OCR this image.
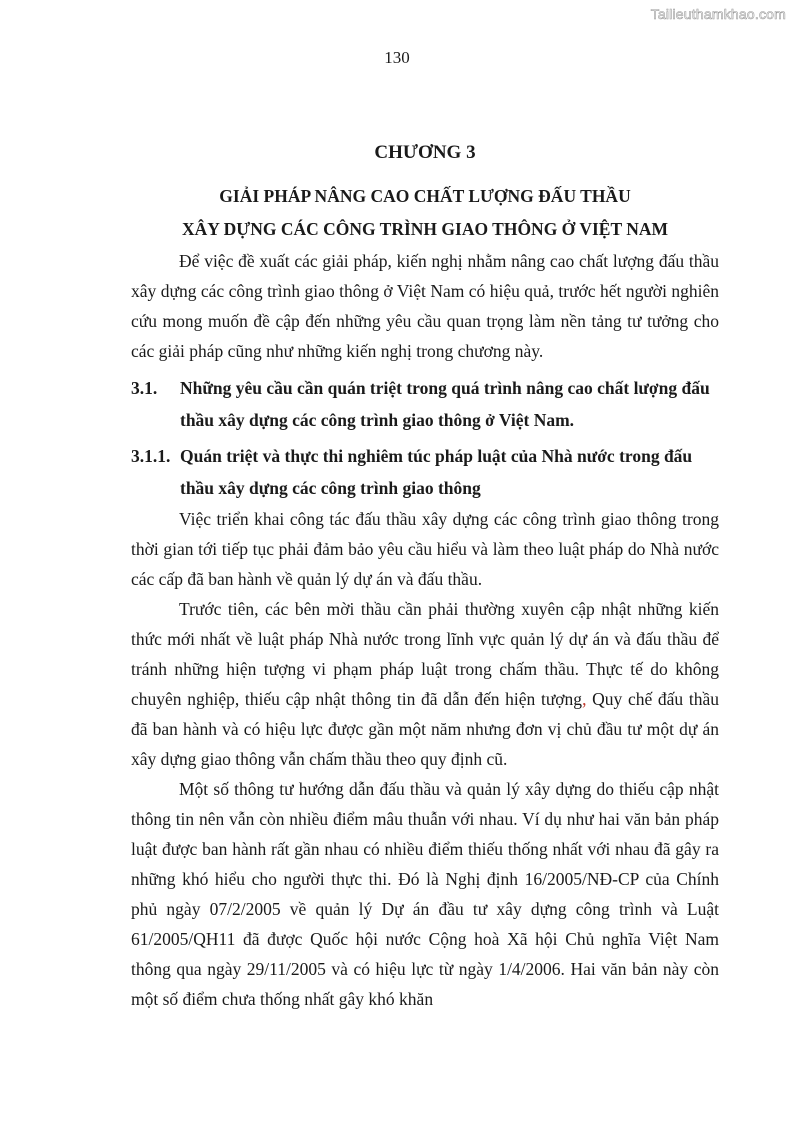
Tailieuthamkhao.com
130
CHƯƠNG 3
GIẢI PHÁP NÂNG CAO CHẤT LƯỢNG ĐẤU THẦU
XÂY DỰNG CÁC CÔNG TRÌNH GIAO THÔNG Ở VIỆT NAM

Để việc đề xuất các giải pháp, kiến nghị nhằm nâng cao chất lượng đấu thầu xây dựng các công trình giao thông ở Việt Nam có hiệu quả, trước hết người nghiên cứu mong muốn đề cập đến những yêu cầu quan trọng làm nền tảng tư tưởng cho các giải pháp cũng như những kiến nghị trong chương này.

3.1. Những yêu cầu cần quán triệt trong quá trình nâng cao chất lượng đấu thầu xây dựng các công trình giao thông ở Việt Nam.
3.1.1. Quán triệt và thực thi nghiêm túc pháp luật của Nhà nước trong đấu thầu xây dựng các công trình giao thông

Việc triển khai công tác đấu thầu xây dựng các công trình giao thông trong thời gian tới tiếp tục phải đảm bảo yêu cầu hiểu và làm theo luật pháp do Nhà nước các cấp đã ban hành về quản lý dự án và đấu thầu.

Trước tiên, các bên mời thầu cần phải thường xuyên cập nhật những kiến thức mới nhất về luật pháp Nhà nước trong lĩnh vực quản lý dự án và đấu thầu để tránh những hiện tượng vi phạm pháp luật trong chấm thầu. Thực tế do không chuyên nghiệp, thiếu cập nhật thông tin đã dẫn đến hiện tượng, Quy chế đấu thầu đã ban hành và có hiệu lực được gần một năm nhưng đơn vị chủ đầu tư một dự án xây dựng giao thông vẫn chấm thầu theo quy định cũ.

Một số thông tư hướng dẫn đấu thầu và quản lý xây dựng do thiếu cập nhật thông tin nên vẫn còn nhiều điểm mâu thuẫn với nhau. Ví dụ như hai văn bản pháp luật được ban hành rất gần nhau có nhiều điểm thiếu thống nhất với nhau đã gây ra những khó hiểu cho người thực thi. Đó là Nghị định 16/2005/NĐ-CP của Chính phủ ngày 07/2/2005 về quản lý Dự án đầu tư xây dựng công trình và Luật 61/2005/QH11 đã được Quốc hội nước Cộng hoà Xã hội Chủ nghĩa Việt Nam thông qua ngày 29/11/2005 và có hiệu lực từ ngày 1/4/2006. Hai văn bản này còn một số điểm chưa thống nhất gây khó khăn
